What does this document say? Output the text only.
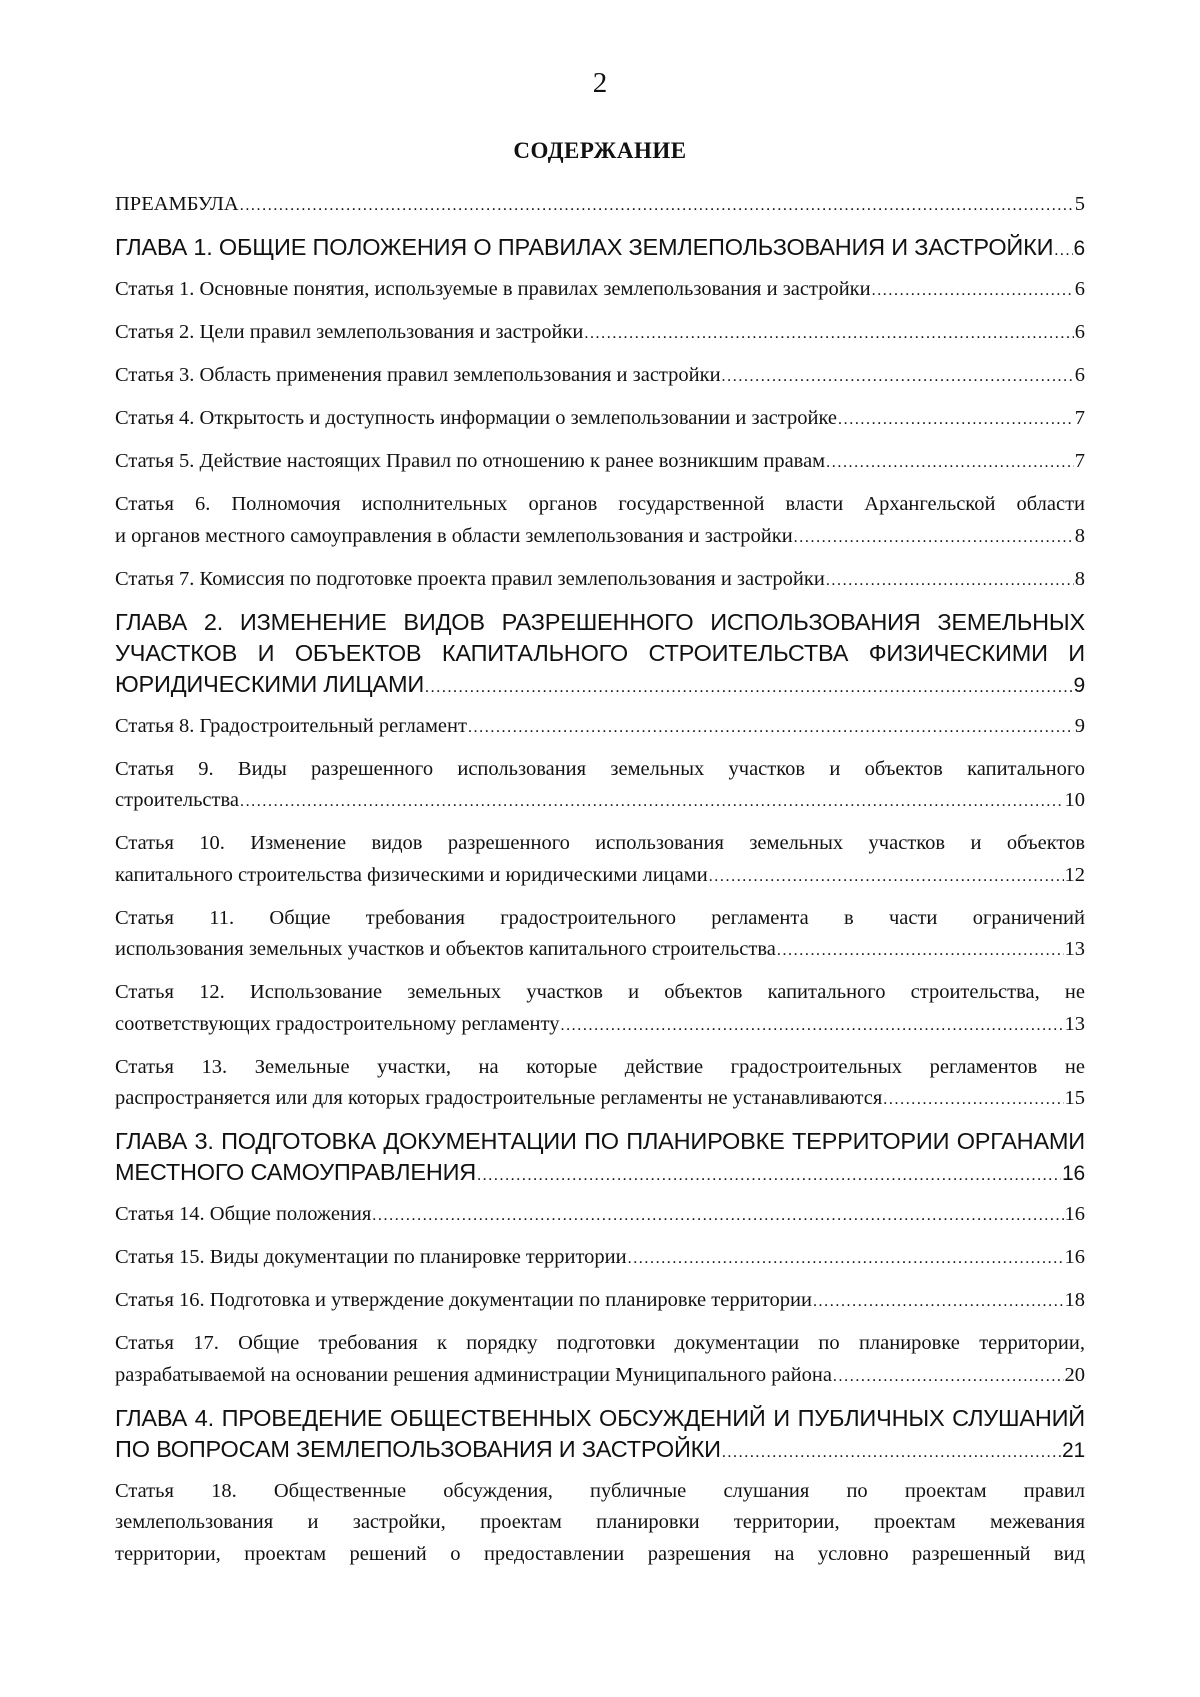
2
СОДЕРЖАНИЕ
ПРЕАМБУЛА . . .	5
ГЛАВА 1. ОБЩИЕ ПОЛОЖЕНИЯ О ПРАВИЛАХ ЗЕМЛЕПОЛЬЗОВАНИЯ И ЗАСТРОЙКИ . . . 6
Статья 1. Основные понятия, используемые в правилах землепользования и застройки . . .	6
Статья 2. Цели правил землепользования и застройки . . .	6
Статья 3. Область применения правил землепользования и застройки . . .	6
Статья 4. Открытость и доступность информации о землепользовании и застройке . . .	7
Статья 5. Действие настоящих Правил по отношению к ранее возникшим правам . . .	7
Статья 6. Полномочия исполнительных органов государственной власти Архангельской области
и органов местного самоуправления в области землепользования и застройки . . .	8
Статья 7. Комиссия по подготовке проекта правил землепользования и застройки . . .	8
ГЛАВА 2. ИЗМЕНЕНИЕ ВИДОВ РАЗРЕШЕННОГО ИСПОЛЬЗОВАНИЯ ЗЕМЕЛЬНЫХ
УЧАСТКОВ И ОБЪЕКТОВ КАПИТАЛЬНОГО СТРОИТЕЛЬСТВА ФИЗИЧЕСКИМИ И
ЮРИДИЧЕСКИМИ ЛИЦАМИ . . .	9
Статья 8. Градостроительный регламент . . .	9
Статья 9. Виды разрешенного использования земельных участков и объектов капитального
строительства . . .	10
Статья 10. Изменение видов разрешенного использования земельных участков и объектов
капитального строительства физическими и юридическими лицами . . .	12
Статья 11. Общие требования градостроительного регламента в части ограничений
использования земельных участков и объектов капитального строительства . . .	13
Статья 12. Использование земельных участков и объектов капитального строительства, не
соответствующих градостроительному регламенту . . .	13
Статья 13. Земельные участки, на которые действие градостроительных регламентов не
распространяется или для которых градостроительные регламенты не устанавливаются . . .	15
ГЛАВА 3. ПОДГОТОВКА ДОКУМЕНТАЦИИ ПО ПЛАНИРОВКЕ ТЕРРИТОРИИ ОРГАНАМИ
МЕСТНОГО САМОУПРАВЛЕНИЯ . . .	16
Статья 14. Общие положения . . .	16
Статья 15. Виды документации по планировке территории . . .	16
Статья 16. Подготовка и утверждение документации по планировке территории . . .	18
Статья 17. Общие требования к порядку подготовки документации по планировке территории,
разрабатываемой на основании решения администрации Муниципального района . . .	20
ГЛАВА 4. ПРОВЕДЕНИЕ ОБЩЕСТВЕННЫХ ОБСУЖДЕНИЙ И ПУБЛИЧНЫХ СЛУШАНИЙ
ПО ВОПРОСАМ ЗЕМЛЕПОЛЬЗОВАНИЯ И ЗАСТРОЙКИ . . .	21
Статья 18. Общественные обсуждения, публичные слушания по проектам правил
землепользования и застройки, проектам планировки территории, проектам межевания
территории, проектам решений о предоставлении разрешения на условно разрешенный вид
